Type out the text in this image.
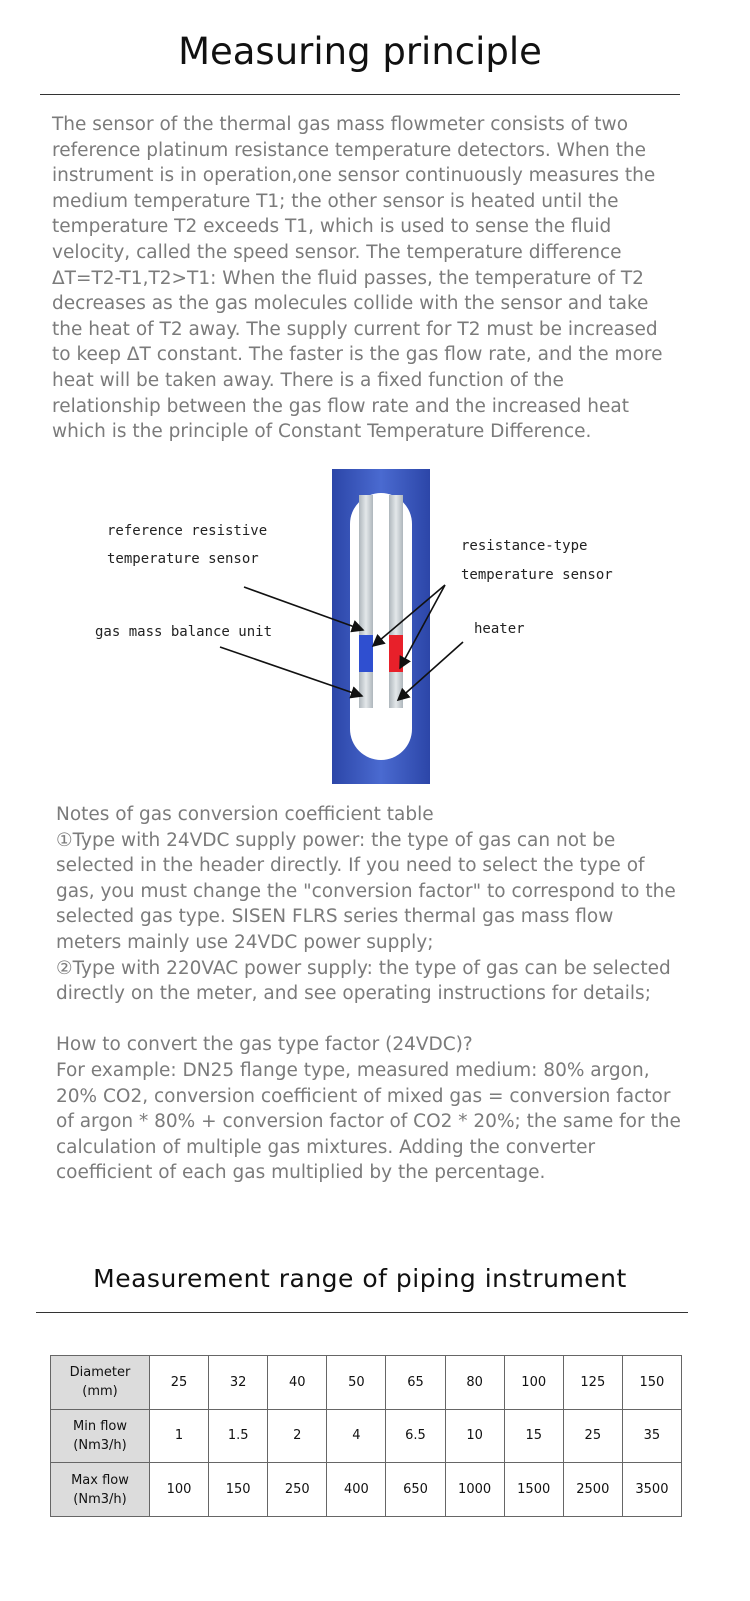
Measuring principle

The sensor of the thermal gas mass flowmeter consists of two reference platinum resistance temperature detectors. When the instrument is in operation,one sensor continuously measures the medium temperature T1; the other sensor is heated until the temperature T2 exceeds T1, which is used to sense the fluid velocity, called the speed sensor. The temperature difference ΔT=T2-T1,T2>T1: When the fluid passes, the temperature of T2 decreases as the gas molecules collide with the sensor and take the heat of T2 away. The supply current for T2 must be increased to keep ΔT constant. The faster is the gas flow rate, and the more heat will be taken away. There is a fixed function of the relationship between the gas flow rate and the increased heat which is the principle of Constant Temperature Difference.

reference resistive
temperature sensor
resistance-type
temperature sensor
gas mass balance unit	heater

Notes of gas conversion coefficient table

①Type with 24VDC supply power: the type of gas can not be selected in the header directly. If you need to select the type of gas, you must change the "conversion factor" to correspond to the selected gas type. SISEN FLRS series thermal gas mass flow meters mainly use 24VDC power supply;

②Type with 220VAC power supply: the type of gas can be selected directly on the meter, and see operating instructions for details;

How to convert the gas type factor (24VDC)?

For example: DN25 flange type, measured medium: 80% argon, 20% CO2, conversion coefficient of mixed gas = conversion factor of argon * 80% + conversion factor of CO2 * 20%; the same for the calculation of multiple gas mixtures. Adding the converter coefficient of each gas multiplied by the percentage.

Measurement range of piping instrument
Diameter
(mm)	25	32	40	50	65	80	100	125	150

Min flow
(Nm3/h)	1	1.5	2	4	6.5	10	15	25	35

Max flow
(Nm3/h)	100	150	250	400	650	1000	1500	2500	3500
